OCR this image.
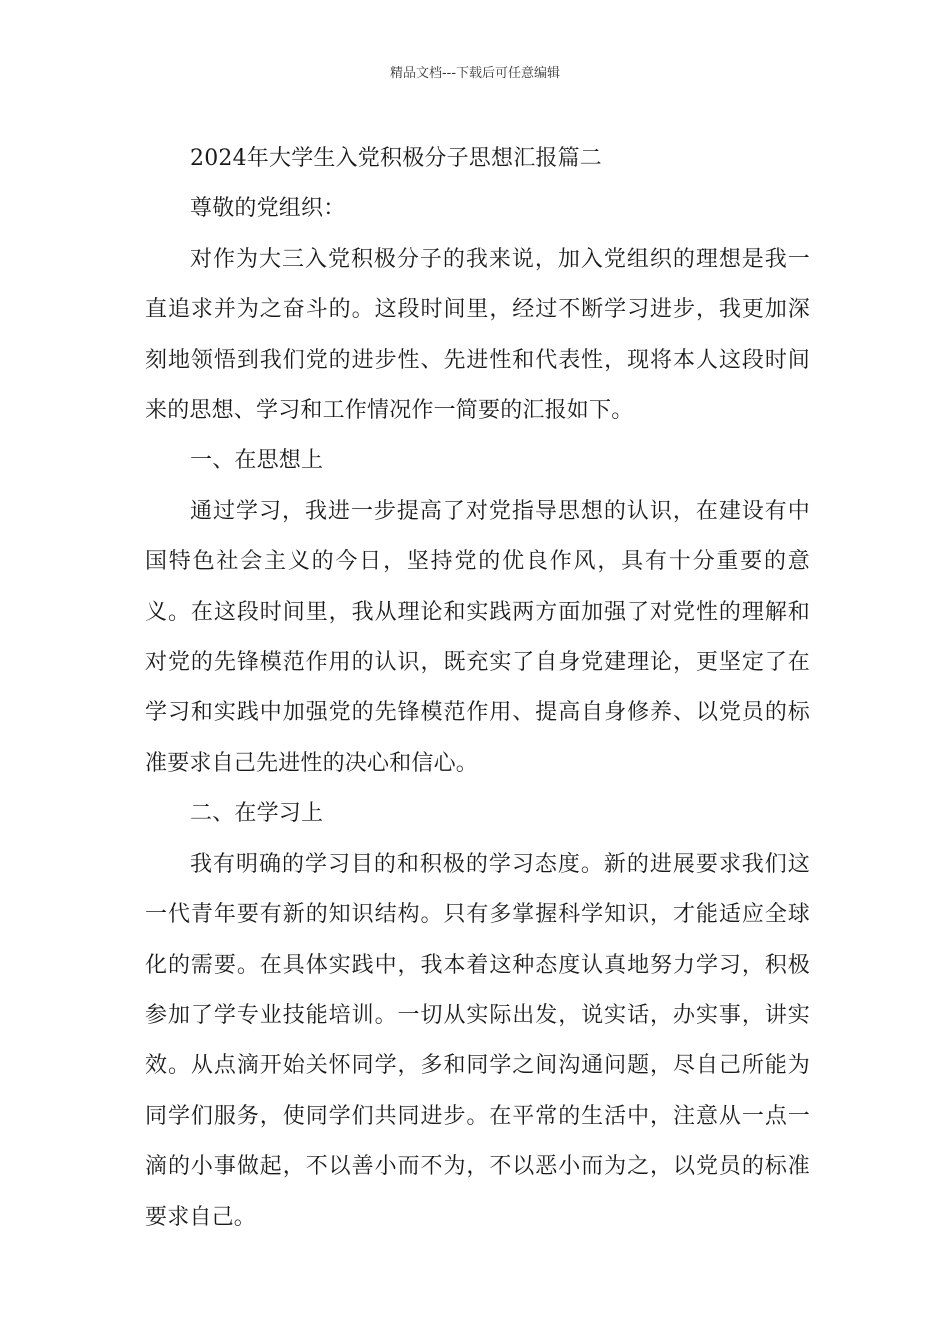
精品文档---下载后可任意编辑

2024年大学生入党积极分子思想汇报篇二

尊敬的党组织：

对作为大三入党积极分子的我来说，加入党组织的理想是我一直追求并为之奋斗的。这段时间里，经过不断学习进步，我更加深刻地领悟到我们党的进步性、先进性和代表性，现将本人这段时间来的思想、学习和工作情况作一简要的汇报如下。

一、在思想上

通过学习，我进一步提高了对党指导思想的认识，在建设有中国特色社会主义的今日，坚持党的优良作风，具有十分重要的意义。在这段时间里，我从理论和实践两方面加强了对党性的理解和对党的先锋模范作用的认识，既充实了自身党建理论，更坚定了在学习和实践中加强党的先锋模范作用、提高自身修养、以党员的标准要求自己先进性的决心和信心。

二、在学习上

我有明确的学习目的和积极的学习态度。新的进展要求我们这一代青年要有新的知识结构。只有多掌握科学知识，才能适应全球化的需要。在具体实践中，我本着这种态度认真地努力学习，积极参加了学专业技能培训。一切从实际出发，说实话，办实事，讲实效。从点滴开始关怀同学，多和同学之间沟通问题，尽自己所能为同学们服务，使同学们共同进步。在平常的生活中，注意从一点一滴的小事做起，不以善小而不为，不以恶小而为之，以党员的标准要求自己。
